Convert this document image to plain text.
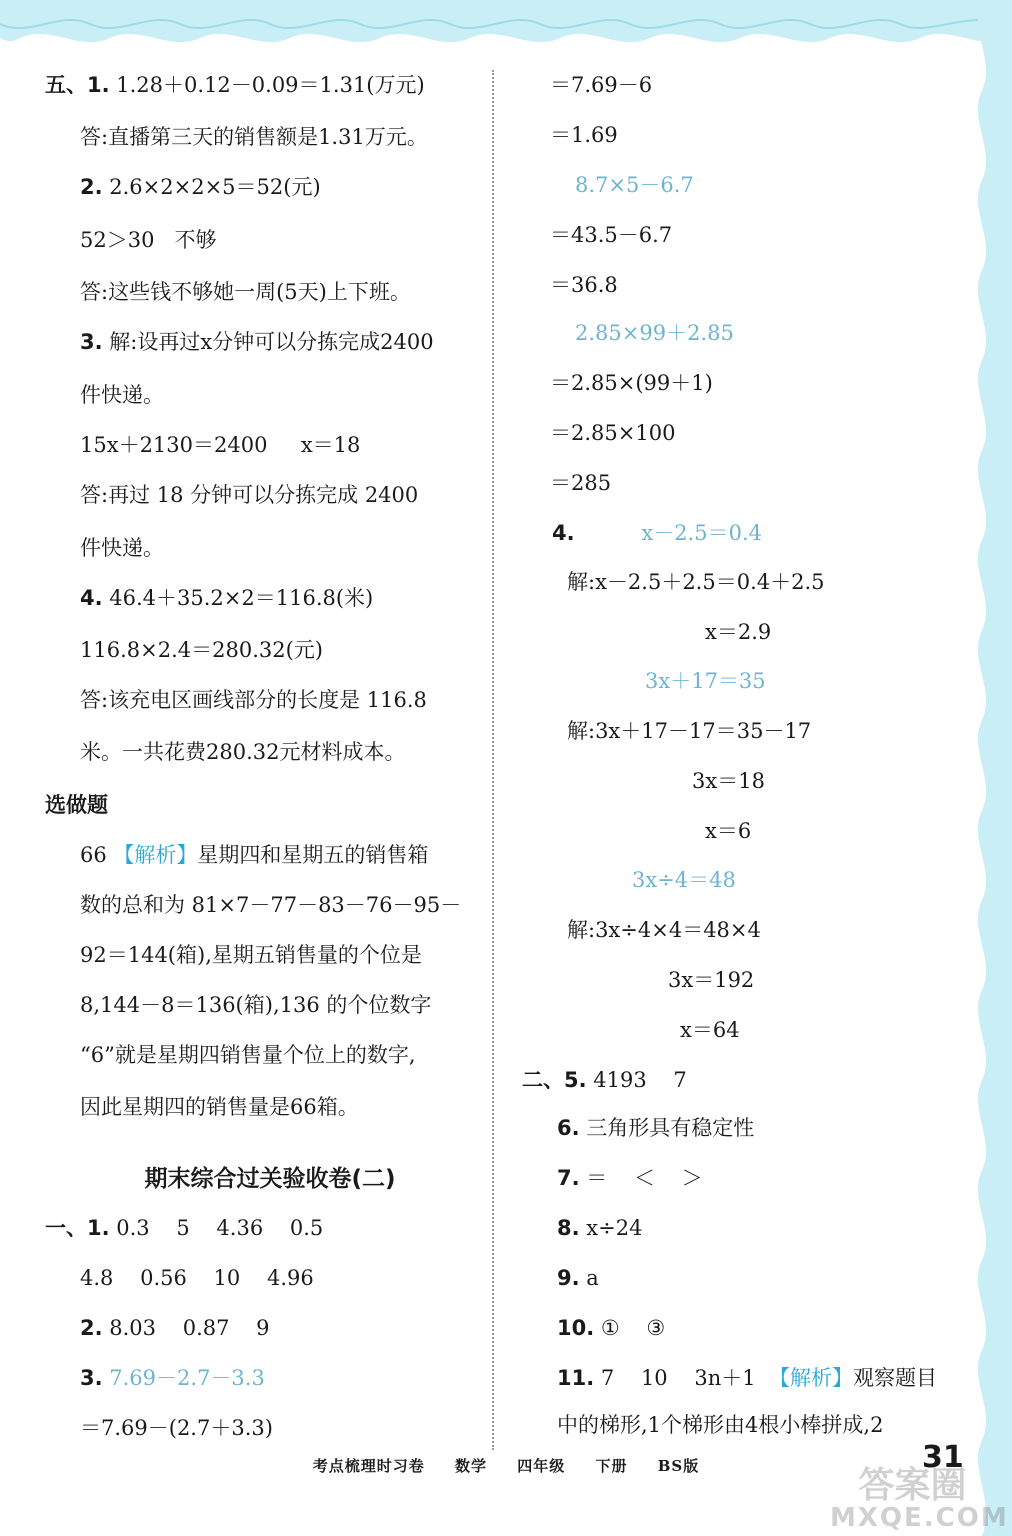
五、1. 1.28＋0.12－0.09＝1.31(万元)
答:直播第三天的销售额是1.31万元。
2. 2.6×2×2×5＝52(元)
52＞30   不够
答:这些钱不够她一周(5天)上下班。
3. 解:设再过x分钟可以分拣完成2400
件快递。
15x＋2130＝2400     x＝18
答:再过 18 分钟可以分拣完成 2400
件快递。
4. 46.4＋35.2×2＝116.8(米)
116.8×2.4＝280.32(元)
答:该充电区画线部分的长度是 116.8
米。一共花费280.32元材料成本。
选做题
66 【解析】星期四和星期五的销售箱
数的总和为 81×7－77－83－76－95－
92＝144(箱),星期五销售量的个位是
8,144－8＝136(箱),136 的个位数字
“6”就是星期四销售量个位上的数字,
因此星期四的销售量是66箱。
一、1. 0.3    5    4.36    0.5
4.8    0.56    10    4.96
2. 8.03    0.87    9
3. 7.69－2.7－3.3
＝7.69－(2.7＋3.3)
＝7.69－6
＝1.69
8.7×5－6.7
＝43.5－6.7
＝36.8
2.85×99＋2.85
＝2.85×(99＋1)
＝2.85×100
＝285
4.          x－2.5＝0.4
解:x－2.5＋2.5＝0.4＋2.5
x＝2.9
3x＋17＝35
解:3x＋17－17＝35－17
3x＝18
x＝6
3x÷4＝48
解:3x÷4×4＝48×4
3x＝192
x＝64
二、5. 4193    7
6. 三角形具有稳定性
7. ＝    ＜    ＞
8. x÷24
9. a
10. ①    ③
11. 7    10    3n＋1  【解析】观察题目
中的梯形,1个梯形由4根小棒拼成,2
期末综合过关验收卷(二)
考点梳理时习卷 数学 四年级 下册 BS版	31
答案圈
MXQE.COM
